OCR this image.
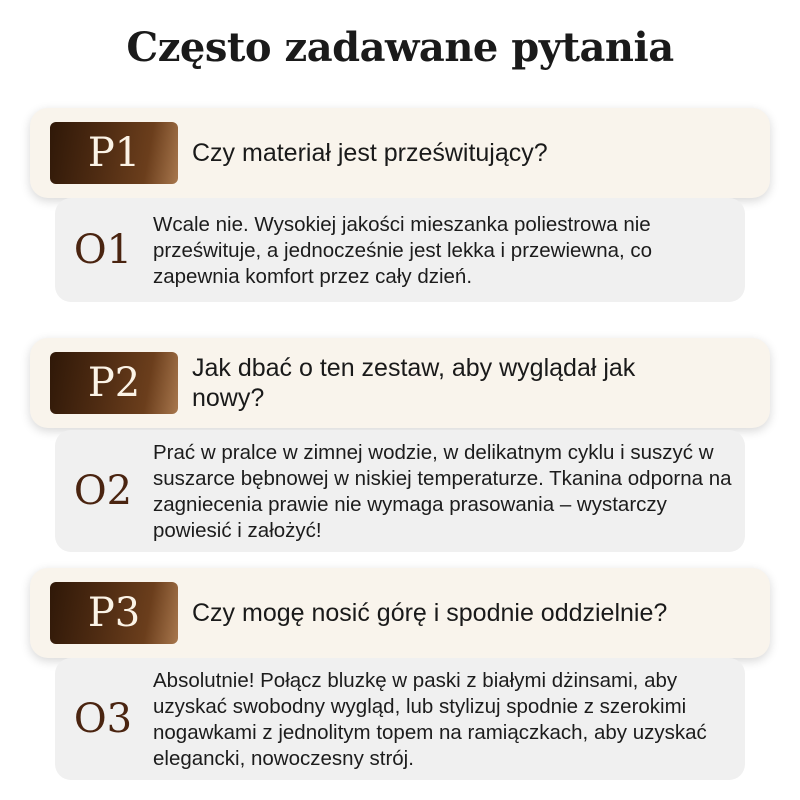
Często zadawane pytania
P1	Czy materiał jest prześwitujący?
O1
Wcale nie. Wysokiej jakości mieszanka poliestrowa nie prześwituje, a jednocześnie jest lekka i przewiewna, co zapewnia komfort przez cały dzień.
P2	Jak dbać o ten zestaw, aby wyglądał jak nowy?
O2
Prać w pralce w zimnej wodzie, w delikatnym cyklu i suszyć w suszarce bębnowej w niskiej temperaturze. Tkanina odporna na zagniecenia prawie nie wymaga prasowania – wystarczy powiesić i założyć!
P3	Czy mogę nosić górę i spodnie oddzielnie?
O3
Absolutnie! Połącz bluzkę w paski z białymi dżinsami, aby uzyskać swobodny wygląd, lub stylizuj spodnie z szerokimi nogawkami z jednolitym topem na ramiączkach, aby uzyskać elegancki, nowoczesny strój.
